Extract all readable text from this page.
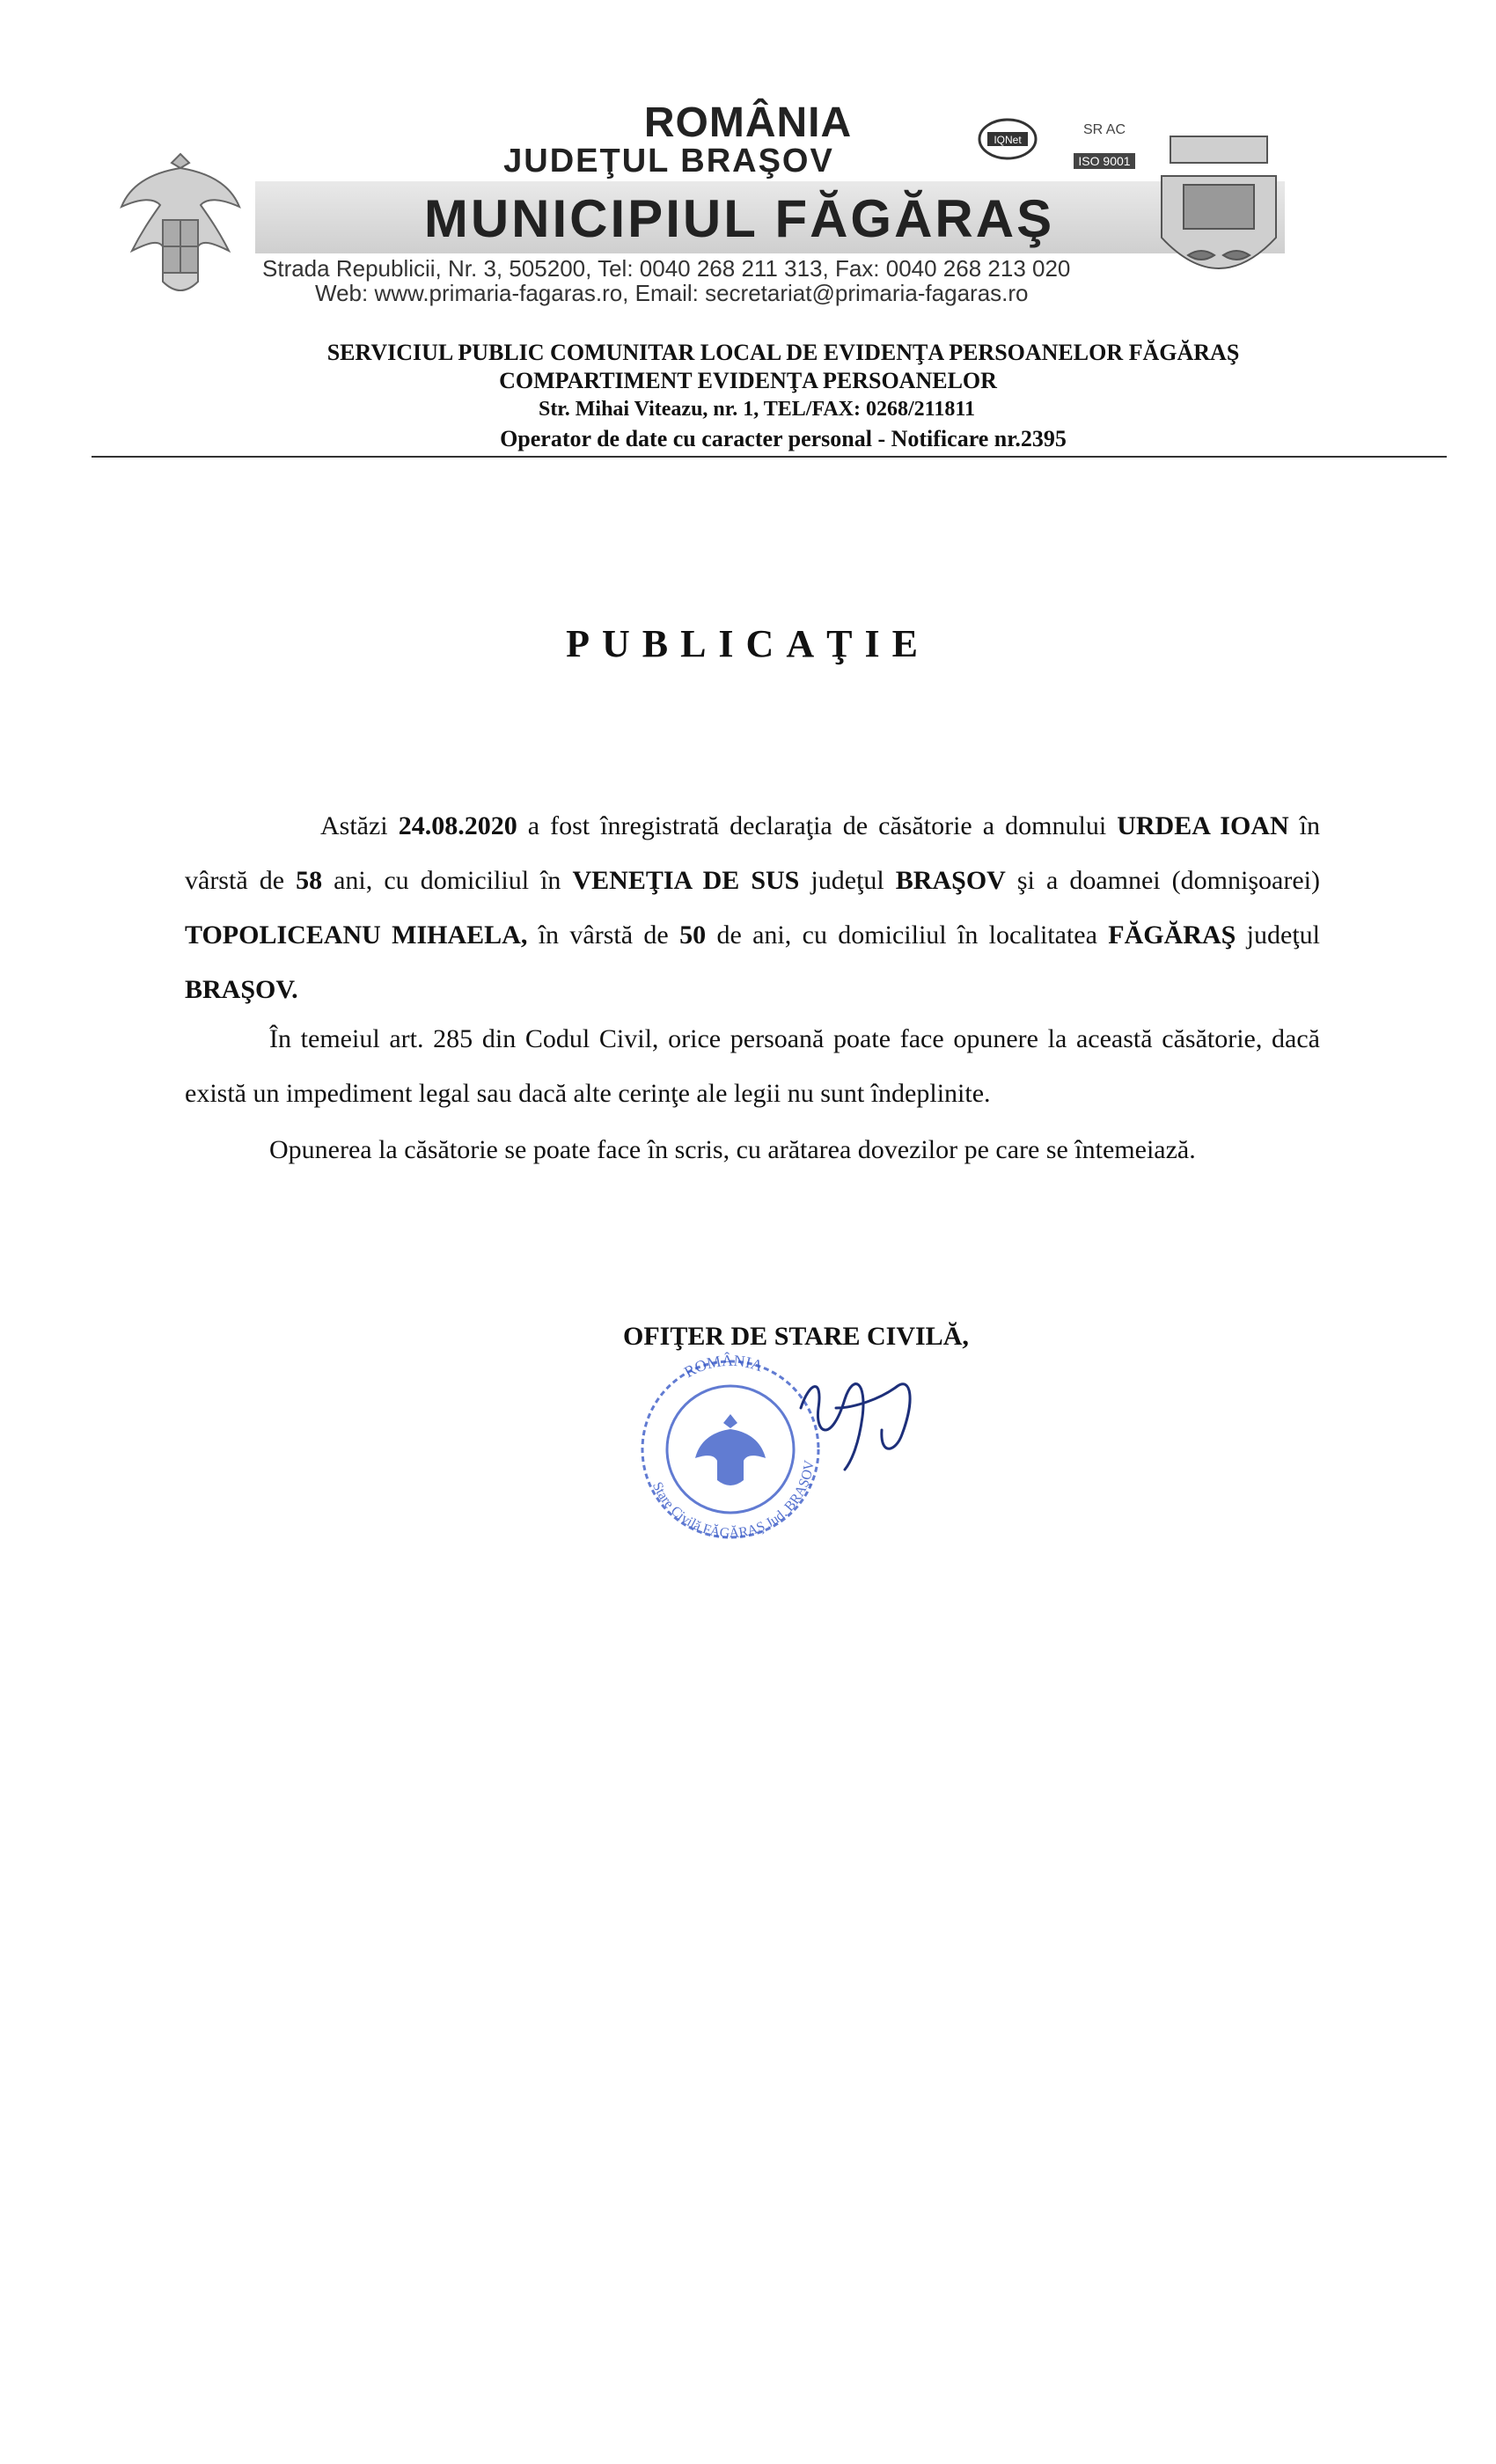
ROMÂNIA
JUDEŢUL BRAŞOV
MUNICIPIUL FĂGĂRAŞ
Strada Republicii, Nr. 3, 505200, Tel: 0040 268 211 313, Fax: 0040 268 213 020
Web: www.primaria-fagaras.ro, Email: secretariat@primaria-fagaras.ro
IQNet
SR AC
ISO 9001
SERVICIUL PUBLIC COMUNITAR LOCAL DE EVIDENŢA PERSOANELOR FĂGĂRAŞ
COMPARTIMENT EVIDENŢA PERSOANELOR
Str. Mihai Viteazu, nr. 1, TEL/FAX: 0268/211811
Operator de date cu caracter personal - Notificare nr.2395
PUBLICAŢIE
Astăzi 24.08.2020 a fost înregistrată declaraţia de căsătorie a domnului URDEA IOAN în vârstă de 58 ani, cu domiciliul în VENEŢIA DE SUS judeţul BRAŞOV şi a doamnei (domnişoarei) TOPOLICEANU MIHAELA, în vârstă de 50 de ani, cu domiciliul în localitatea FĂGĂRAŞ judeţul BRAŞOV.
În temeiul art. 285 din Codul Civil, orice persoană poate face opunere la această căsătorie, dacă există un impediment legal sau dacă alte cerinţe ale legii nu sunt îndeplinite.
Opunerea la căsătorie se poate face în scris, cu arătarea dovezilor pe care se întemeiază.
OFIŢER DE STARE CIVILĂ,
ROMÂNIA
Stare Civilă FĂGĂRAŞ Jud. BRAŞOV
